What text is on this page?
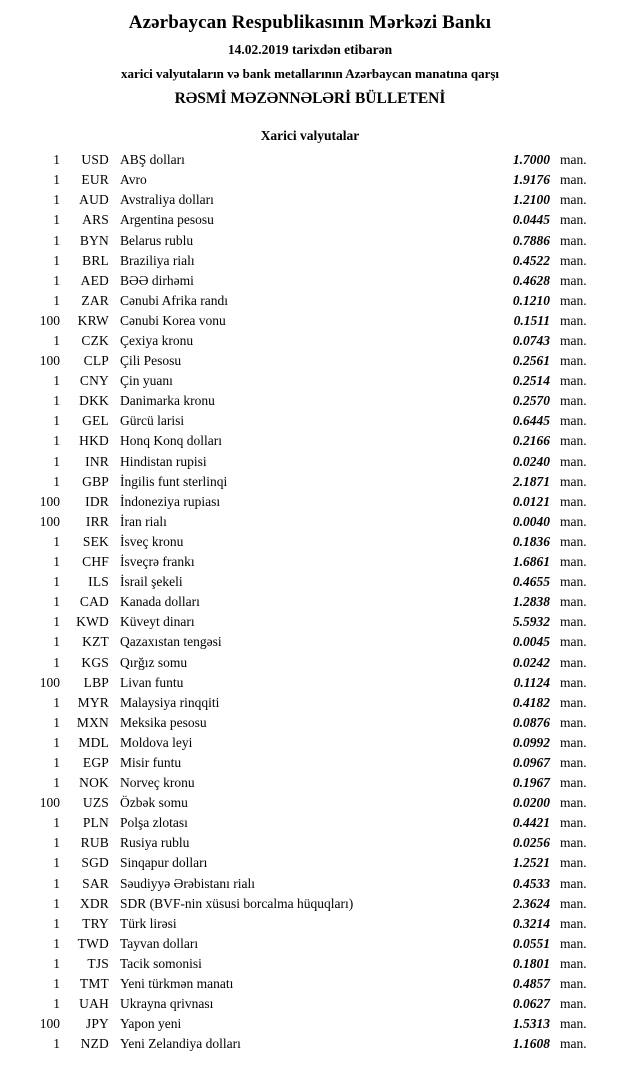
Azərbaycan Respublikasının Mərkəzi Bankı
14.02.2019 tarixdən etibarən
xarici valyutaların və bank metallarının Azərbaycan manatına qarşı
RƏSMİ MƏZƏNNƏLƏRİ BÜLLETENİ
Xarici valyutalar
1	USD	ABŞ dolları	1.7000	man.
1	EUR	Avro	1.9176	man.
1	AUD	Avstraliya dolları	1.2100	man.
1	ARS	Argentina pesosu	0.0445	man.
1	BYN	Belarus rublu	0.7886	man.
1	BRL	Braziliya rialı	0.4522	man.
1	AED	BƏƏ dirhəmi	0.4628	man.
1	ZAR	Cənubi Afrika randı	0.1210	man.
100	KRW	Cənubi Korea vonu	0.1511	man.
1	CZK	Çexiya kronu	0.0743	man.
100	CLP	Çili Pesosu	0.2561	man.
1	CNY	Çin yuanı	0.2514	man.
1	DKK	Danimarka kronu	0.2570	man.
1	GEL	Gürcü larisi	0.6445	man.
1	HKD	Honq Konq dolları	0.2166	man.
1	INR	Hindistan rupisi	0.0240	man.
1	GBP	İngilis funt sterlinqi	2.1871	man.
100	IDR	İndoneziya rupiası	0.0121	man.
100	IRR	İran rialı	0.0040	man.
1	SEK	İsveç kronu	0.1836	man.
1	CHF	İsveçrə frankı	1.6861	man.
1	ILS	İsrail şekeli	0.4655	man.
1	CAD	Kanada dolları	1.2838	man.
1	KWD	Küveyt dinarı	5.5932	man.
1	KZT	Qazaxıstan tengəsi	0.0045	man.
1	KGS	Qırğız somu	0.0242	man.
100	LBP	Livan funtu	0.1124	man.
1	MYR	Malaysiya rinqqiti	0.4182	man.
1	MXN	Meksika pesosu	0.0876	man.
1	MDL	Moldova leyi	0.0992	man.
1	EGP	Misir funtu	0.0967	man.
1	NOK	Norveç kronu	0.1967	man.
100	UZS	Özbək somu	0.0200	man.
1	PLN	Polşa zlotası	0.4421	man.
1	RUB	Rusiya rublu	0.0256	man.
1	SGD	Sinqapur dolları	1.2521	man.
1	SAR	Səudiyyə Ərəbistanı rialı	0.4533	man.
1	XDR	SDR (BVF-nin xüsusi borcalma hüquqları)	2.3624	man.
1	TRY	Türk lirəsi	0.3214	man.
1	TWD	Tayvan dolları	0.0551	man.
1	TJS	Tacik somonisi	0.1801	man.
1	TMT	Yeni türkmən manatı	0.4857	man.
1	UAH	Ukrayna qrivnası	0.0627	man.
100	JPY	Yapon yeni	1.5313	man.
1	NZD	Yeni Zelandiya dolları	1.1608	man.
